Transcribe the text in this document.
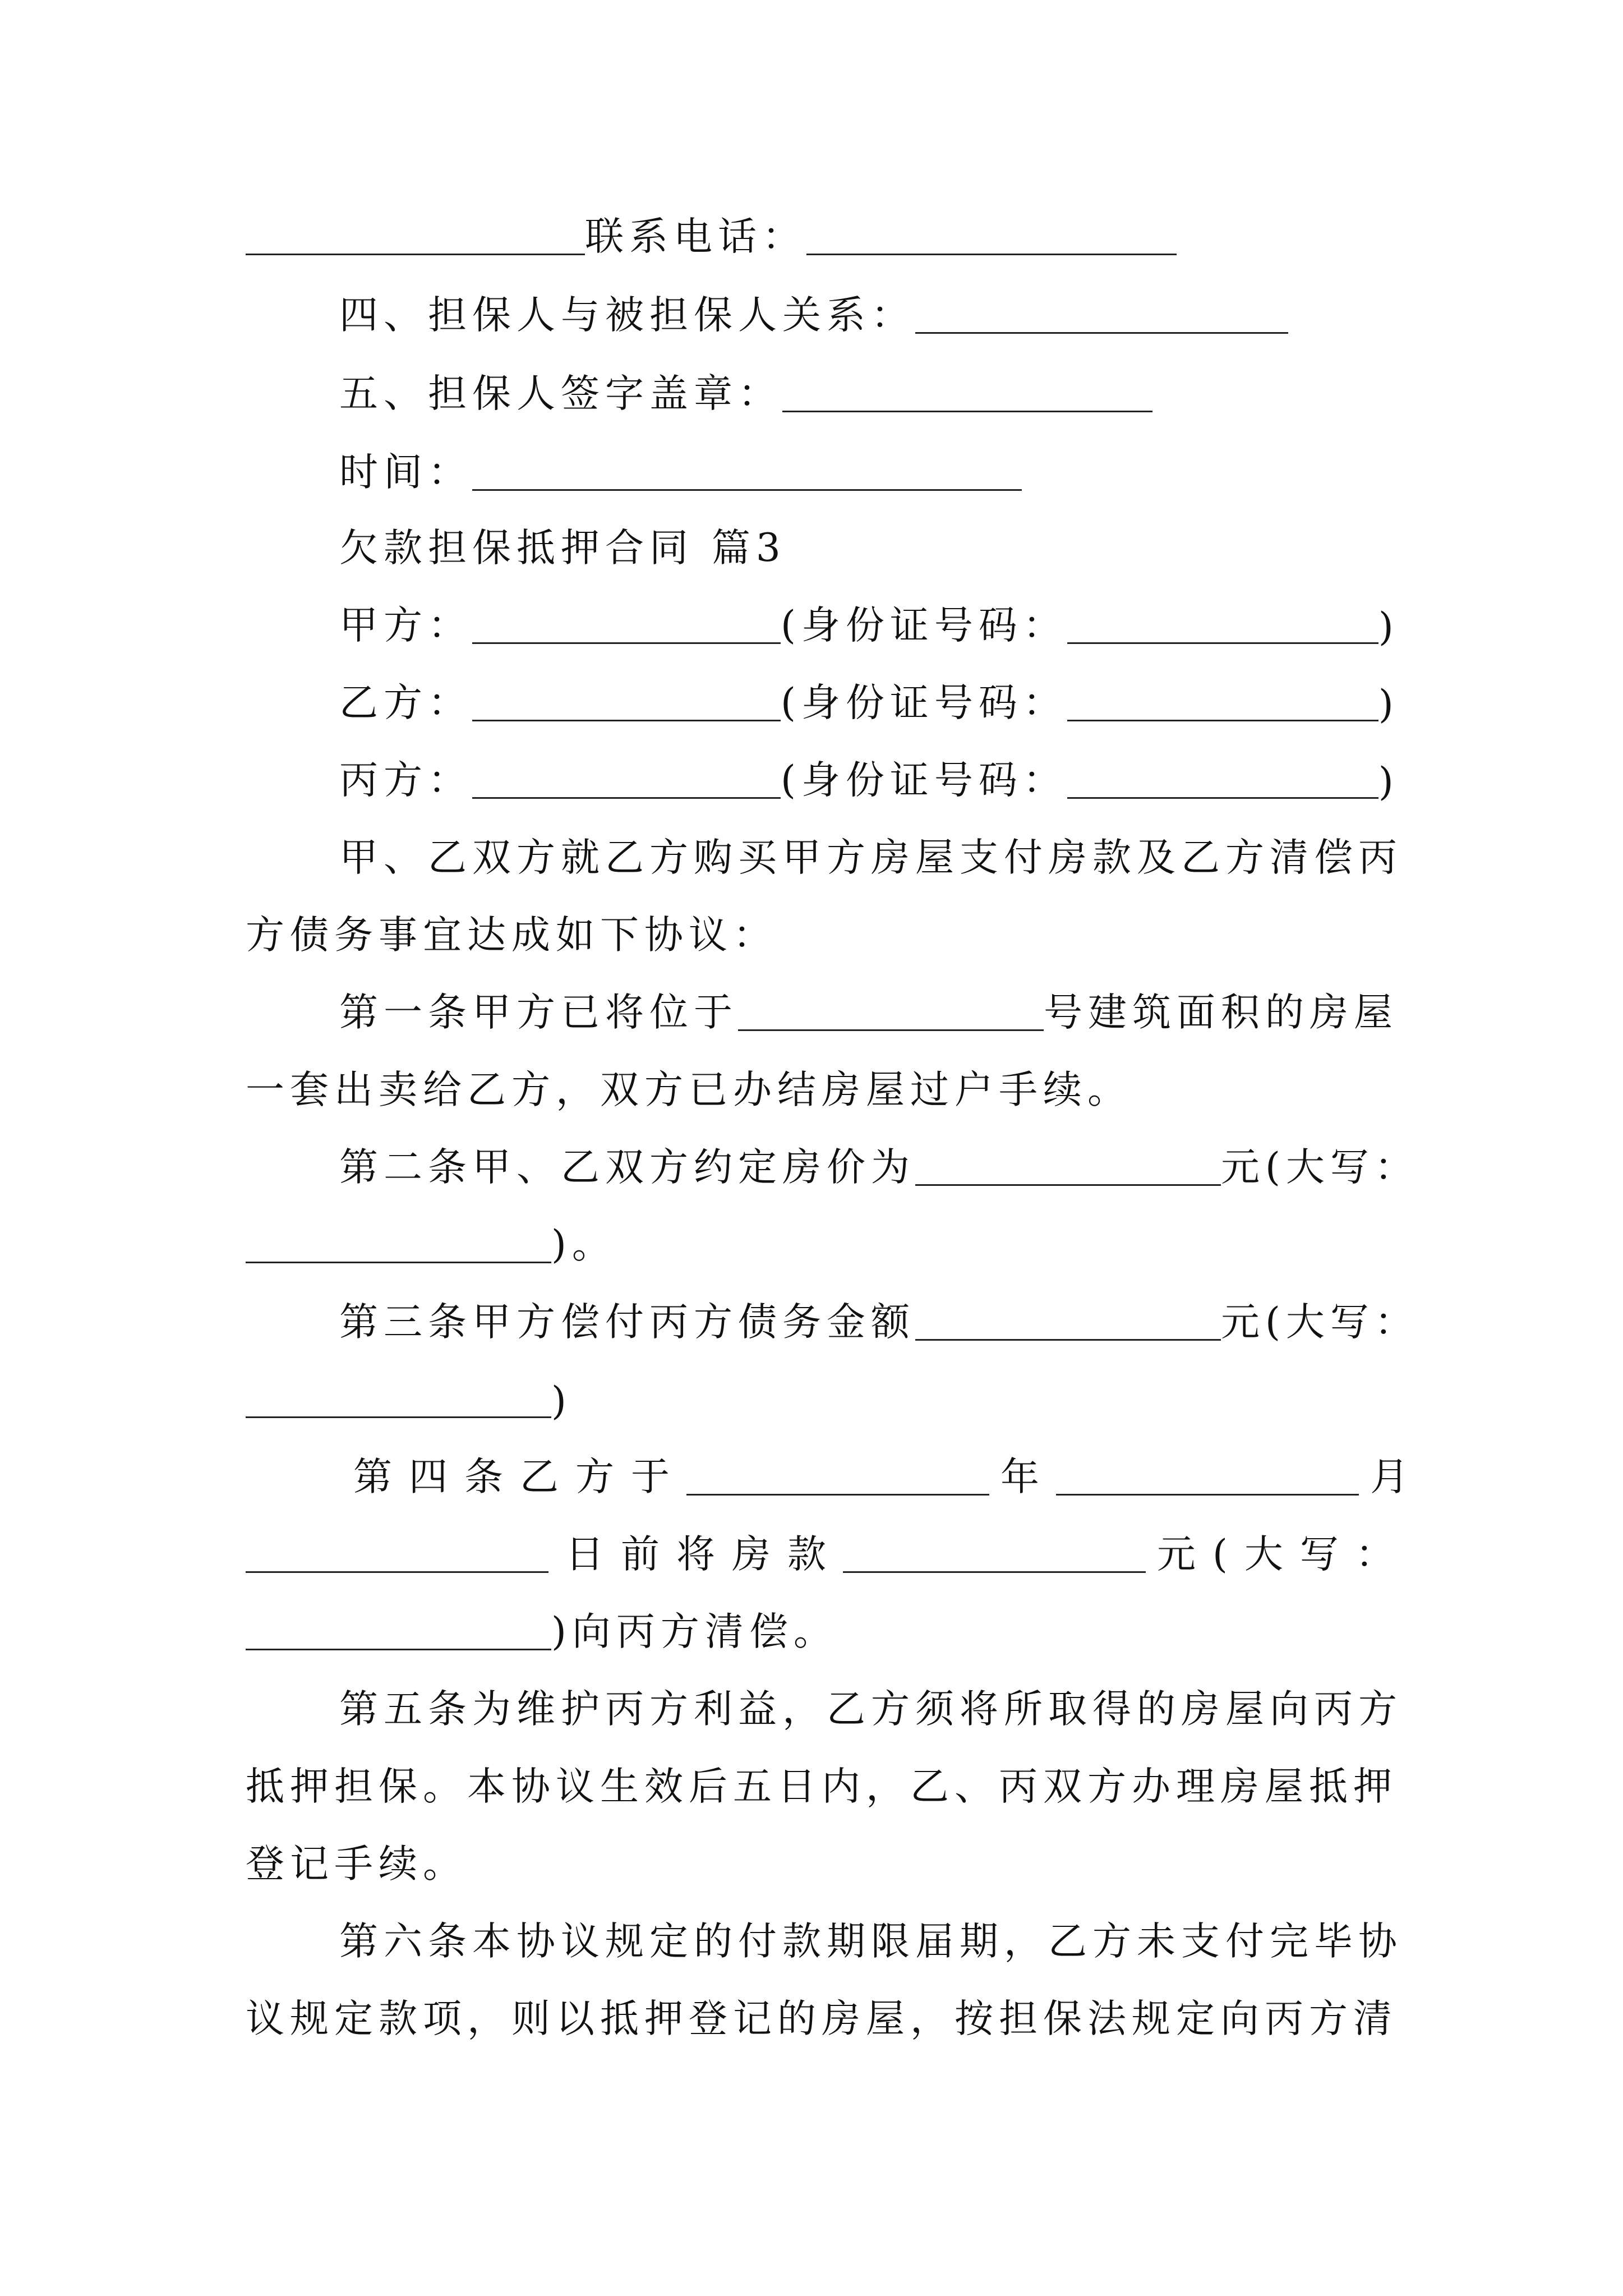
联系电话：
四、担保人与被担保人关系：
五、担保人签字盖章：
时间：
欠款担保抵押合同 篇3
甲方：	(身份证号码：	)
乙方：	(身份证号码：	)
丙方：	(身份证号码：	)
甲、乙双方就乙方购买甲方房屋支付房款及乙方清偿丙
方债务事宜达成如下协议：
第一条甲方已将位于	号建筑面积的房屋
一套出卖给乙方，双方已办结房屋过户手续。
第二条甲、乙双方约定房价为	元(大写：
)。
第三条甲方偿付丙方债务金额	元(大写：
)
第四条乙方于	年	月
日前将房款	元(大写：
)向丙方清偿。
第五条为维护丙方利益，乙方须将所取得的房屋向丙方
抵押担保。本协议生效后五日内，乙、丙双方办理房屋抵押
登记手续。
第六条本协议规定的付款期限届期，乙方未支付完毕协
议规定款项，则以抵押登记的房屋，按担保法规定向丙方清
